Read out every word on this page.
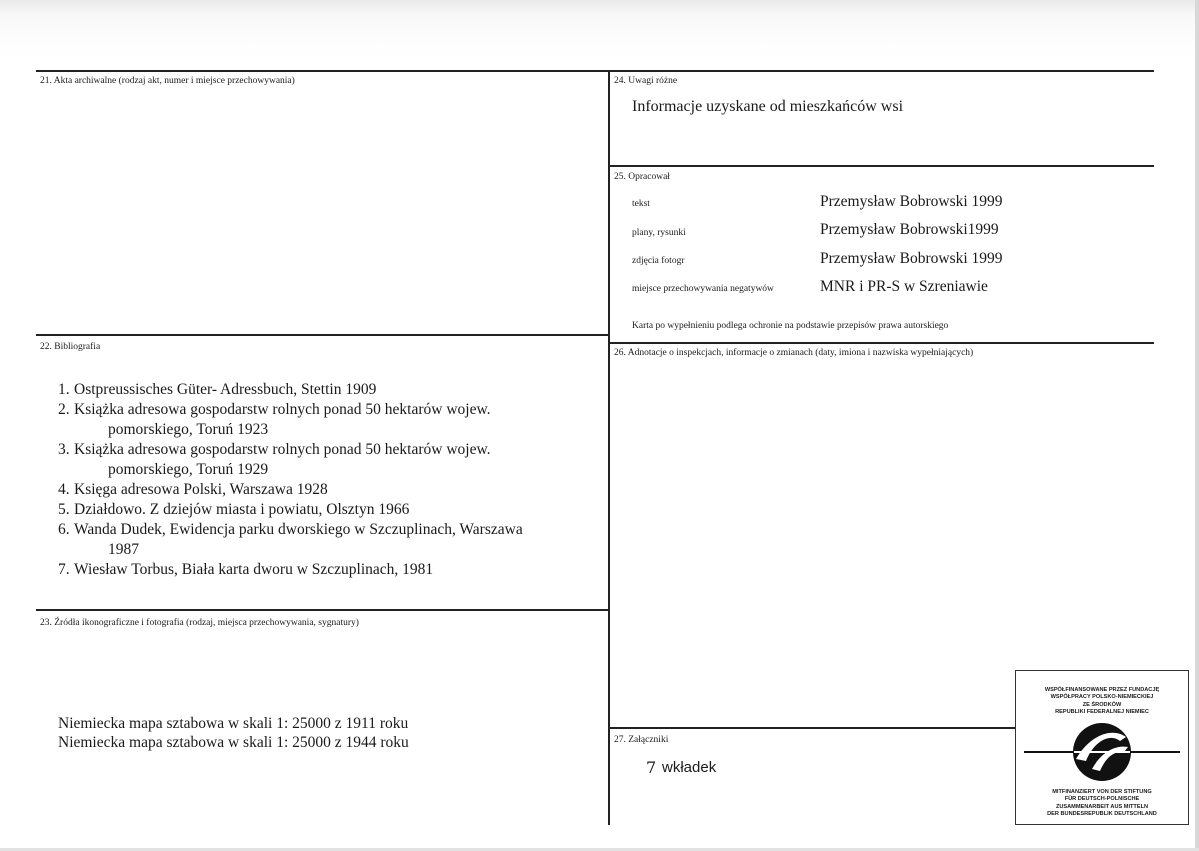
21. Akta archiwalne (rodzaj akt, numer i miejsce przechowywania)
22. Bibliografia
1. Ostpreussisches Güter- Adressbuch, Stettin 1909
2. Książka adresowa gospodarstw rolnych ponad 50 hektarów wojew.
pomorskiego, Toruń 1923
3. Książka adresowa gospodarstw rolnych ponad 50 hektarów wojew.
pomorskiego, Toruń 1929
4. Księga adresowa Polski, Warszawa 1928
5. Działdowo. Z dziejów miasta i powiatu, Olsztyn 1966
6. Wanda Dudek, Ewidencja parku dworskiego w Szczuplinach, Warszawa
1987
7. Wiesław Torbus, Biała karta dworu w Szczuplinach, 1981
23. Źródła ikonograficzne i fotografia (rodzaj, miejsca przechowywania, sygnatury)
Niemiecka mapa sztabowa w skali 1: 25000 z 1911 roku
Niemiecka mapa sztabowa w skali 1: 25000 z 1944 roku
24. Uwagi różne
Informacje uzyskane od mieszkańców wsi
25. Opracował
tekst	Przemysław Bobrowski 1999
plany, rysunki	Przemysław Bobrowski1999
zdjęcia fotogr	Przemysław Bobrowski 1999
miejsce przechowywania negatywów	MNR i PR-S w Szreniawie
Karta po wypełnieniu podlega ochronie na podstawie przepisów prawa autorskiego
26. Adnotacje o inspekcjach, informacje o zmianach (daty, imiona i nazwiska wypełniających)
27. Załączniki
7 wkładek
WSPÓŁFINANSOWANE PRZEZ FUNDACJĘ
WSPÓŁPRACY POLSKO-NIEMIECKIEJ
ZE ŚRODKÓW
REPUBLIKI FEDERALNEJ NIEMIEC
MITFINANZIERT VON DER STIFTUNG
FÜR DEUTSCH-POLNISCHE
ZUSAMMENARBEIT AUS MITTELN
DER BUNDESREPUBLIK DEUTSCHLAND
